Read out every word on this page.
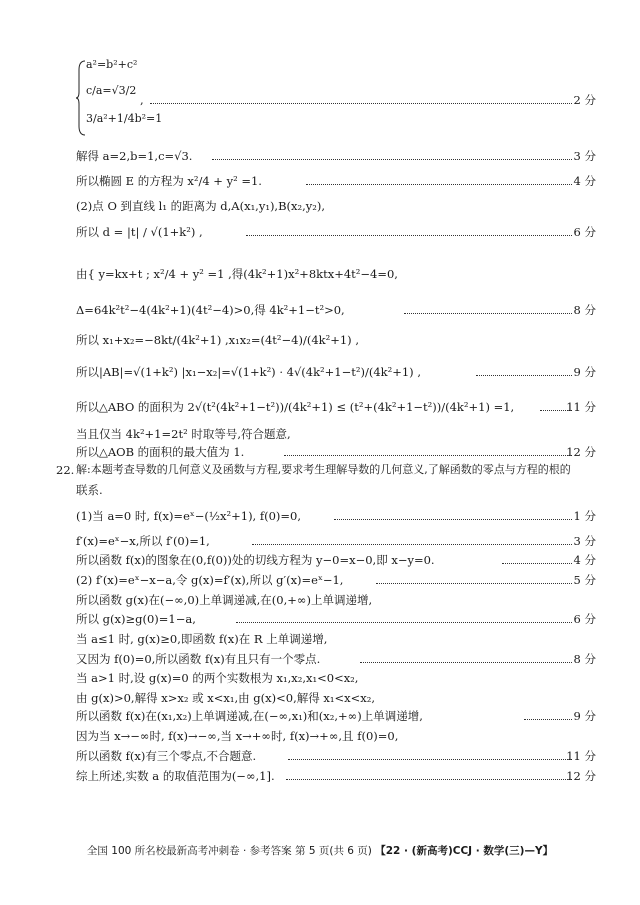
a²=b²+c²
c/a=√3/2
3/a²+1/4b²=1
,	2 分
解得 a=2,b=1,c=√3.	3 分
所以椭圆 E 的方程为 x²/4 + y² =1.	4 分
(2)点 O 到直线 l₁ 的距离为 d,A(x₁,y₁),B(x₂,y₂),
所以 d = |t| / √(1+k²) ,	6 分
由{ y=kx+t ; x²/4 + y² =1 ,得(4k²+1)x²+8ktx+4t²−4=0,
Δ=64k²t²−4(4k²+1)(4t²−4)>0,得 4k²+1−t²>0,	8 分
所以 x₁+x₂=−8kt/(4k²+1) ,x₁x₂=(4t²−4)/(4k²+1) ,
所以|AB|=√(1+k²) |x₁−x₂|=√(1+k²) · 4√(4k²+1−t²)/(4k²+1) ,	9 分
所以△ABO 的面积为 2√(t²(4k²+1−t²))/(4k²+1) ≤ (t²+(4k²+1−t²))/(4k²+1) =1,	11 分
当且仅当 4k²+1=2t² 时取等号,符合题意,
所以△AOB 的面积的最大值为 1.	12 分
22. 解:本题考查导数的几何意义及函数与方程,要求考生理解导数的几何意义,了解函数的零点与方程的根的
联系.
(1)当 a=0 时, f(x)=eˣ−(½x²+1), f(0)=0,	1 分
f′(x)=eˣ−x,所以 f′(0)=1,	3 分
所以函数 f(x)的图象在(0,f(0))处的切线方程为 y−0=x−0,即 x−y=0.	4 分
(2) f′(x)=eˣ−x−a,令 g(x)=f′(x),所以 g′(x)=eˣ−1,	5 分
所以函数 g(x)在(−∞,0)上单调递减,在(0,+∞)上单调递增,
所以 g(x)≥g(0)=1−a,	6 分
当 a≤1 时, g(x)≥0,即函数 f(x)在 R 上单调递增,
又因为 f(0)=0,所以函数 f(x)有且只有一个零点.	8 分
当 a>1 时,设 g(x)=0 的两个实数根为 x₁,x₂,x₁<0<x₂,
由 g(x)>0,解得 x>x₂ 或 x<x₁,由 g(x)<0,解得 x₁<x<x₂,
所以函数 f(x)在(x₁,x₂)上单调递减,在(−∞,x₁)和(x₂,+∞)上单调递增,	9 分
因为当 x→−∞时, f(x)→−∞,当 x→+∞时, f(x)→+∞,且 f(0)=0,
所以函数 f(x)有三个零点,不合题意.	11 分
综上所述,实数 a 的取值范围为(−∞,1].	12 分
全国 100 所名校最新高考冲刺卷 · 参考答案 第 5 页(共 6 页) 【22 · (新高考)CCJ · 数学(三)—Y】
